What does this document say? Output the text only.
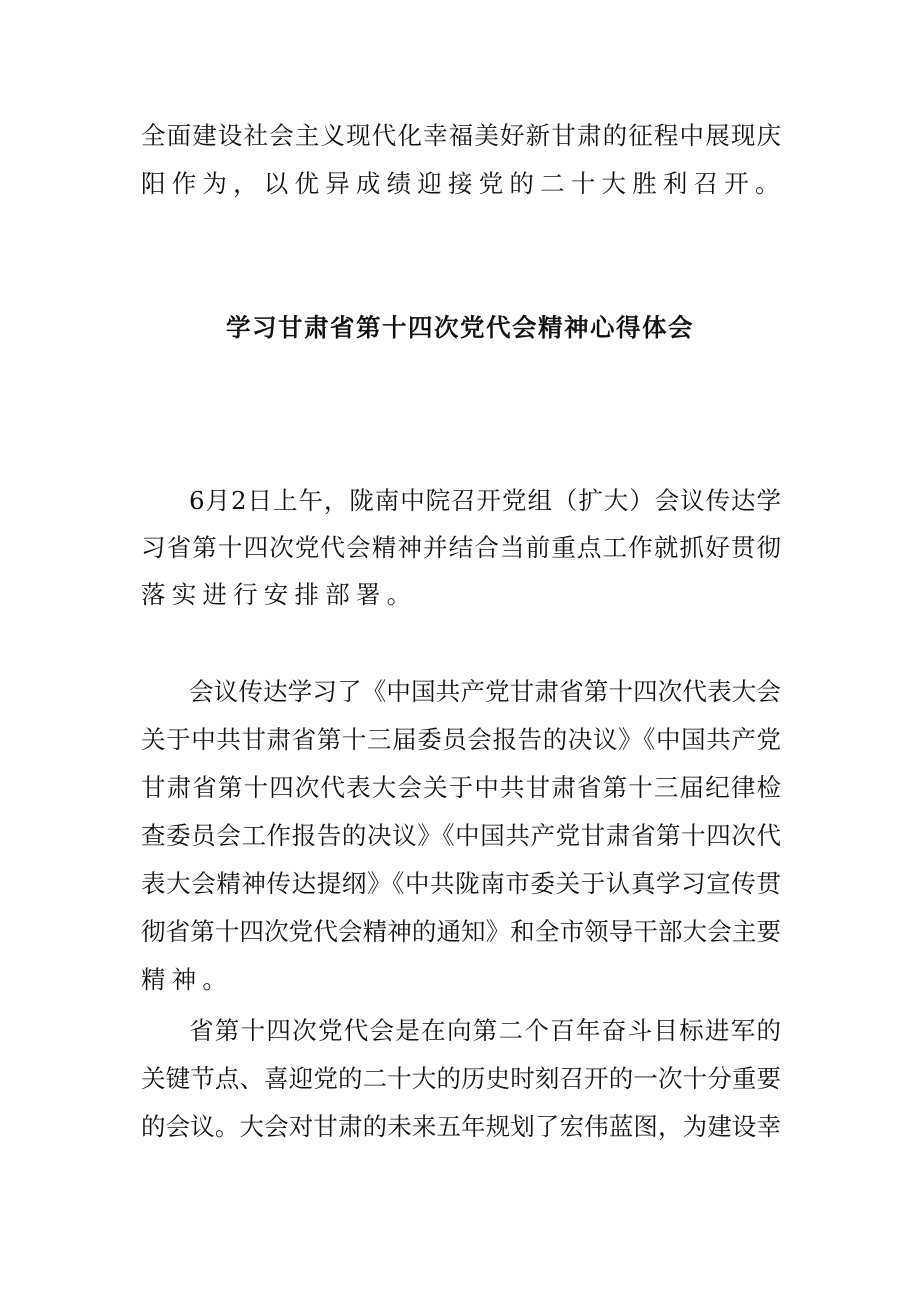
全面建设社会主义现代化幸福美好新甘肃的征程中展现庆
阳作为，以优异成绩迎接党的二十大胜利召开。
学习甘肃省第十四次党代会精神心得体会
6月2日上午，陇南中院召开党组（扩大）会议传达学
习省第十四次党代会精神并结合当前重点工作就抓好贯彻
落实进行安排部署。
会议传达学习了《中国共产党甘肃省第十四次代表大会
关于中共甘肃省第十三届委员会报告的决议》《中国共产党
甘肃省第十四次代表大会关于中共甘肃省第十三届纪律检
查委员会工作报告的决议》《中国共产党甘肃省第十四次代
表大会精神传达提纲》《中共陇南市委关于认真学习宣传贯
彻省第十四次党代会精神的通知》和全市领导干部大会主要
精神。
省第十四次党代会是在向第二个百年奋斗目标进军的
关键节点、喜迎党的二十大的历史时刻召开的一次十分重要
的会议。大会对甘肃的未来五年规划了宏伟蓝图，为建设幸
